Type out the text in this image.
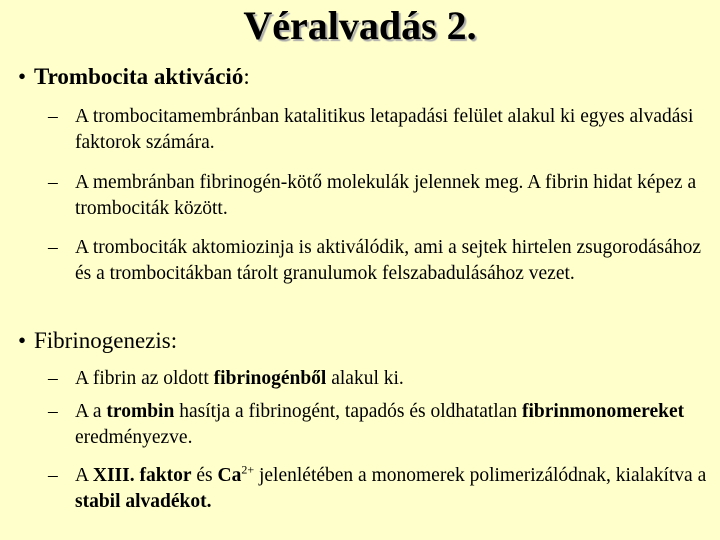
Véralvadás 2.
• Trombocita aktiváció:
– A trombocitamembránban katalitikus letapadási felület alakul ki egyes alvadási faktorok számára.
– A membránban fibrinogén-kötő molekulák jelennek meg. A fibrin hidat képez a trombociták között.
– A trombociták aktomiozinja is aktiválódik, ami a sejtek hirtelen zsugorodásához és a trombocitákban tárolt granulumok felszabadulásához vezet.
• Fibrinogenezis:
– A fibrin az oldott fibrinogénből alakul ki.
– A a trombin hasítja a fibrinogént, tapadós és oldhatatlan fibrinmonomereket eredményezve.
– A XIII. faktor és $Ca^{2+}$ jelenlétében a monomerek polimerizálódnak, kialakítva a stabil alvadékot.
